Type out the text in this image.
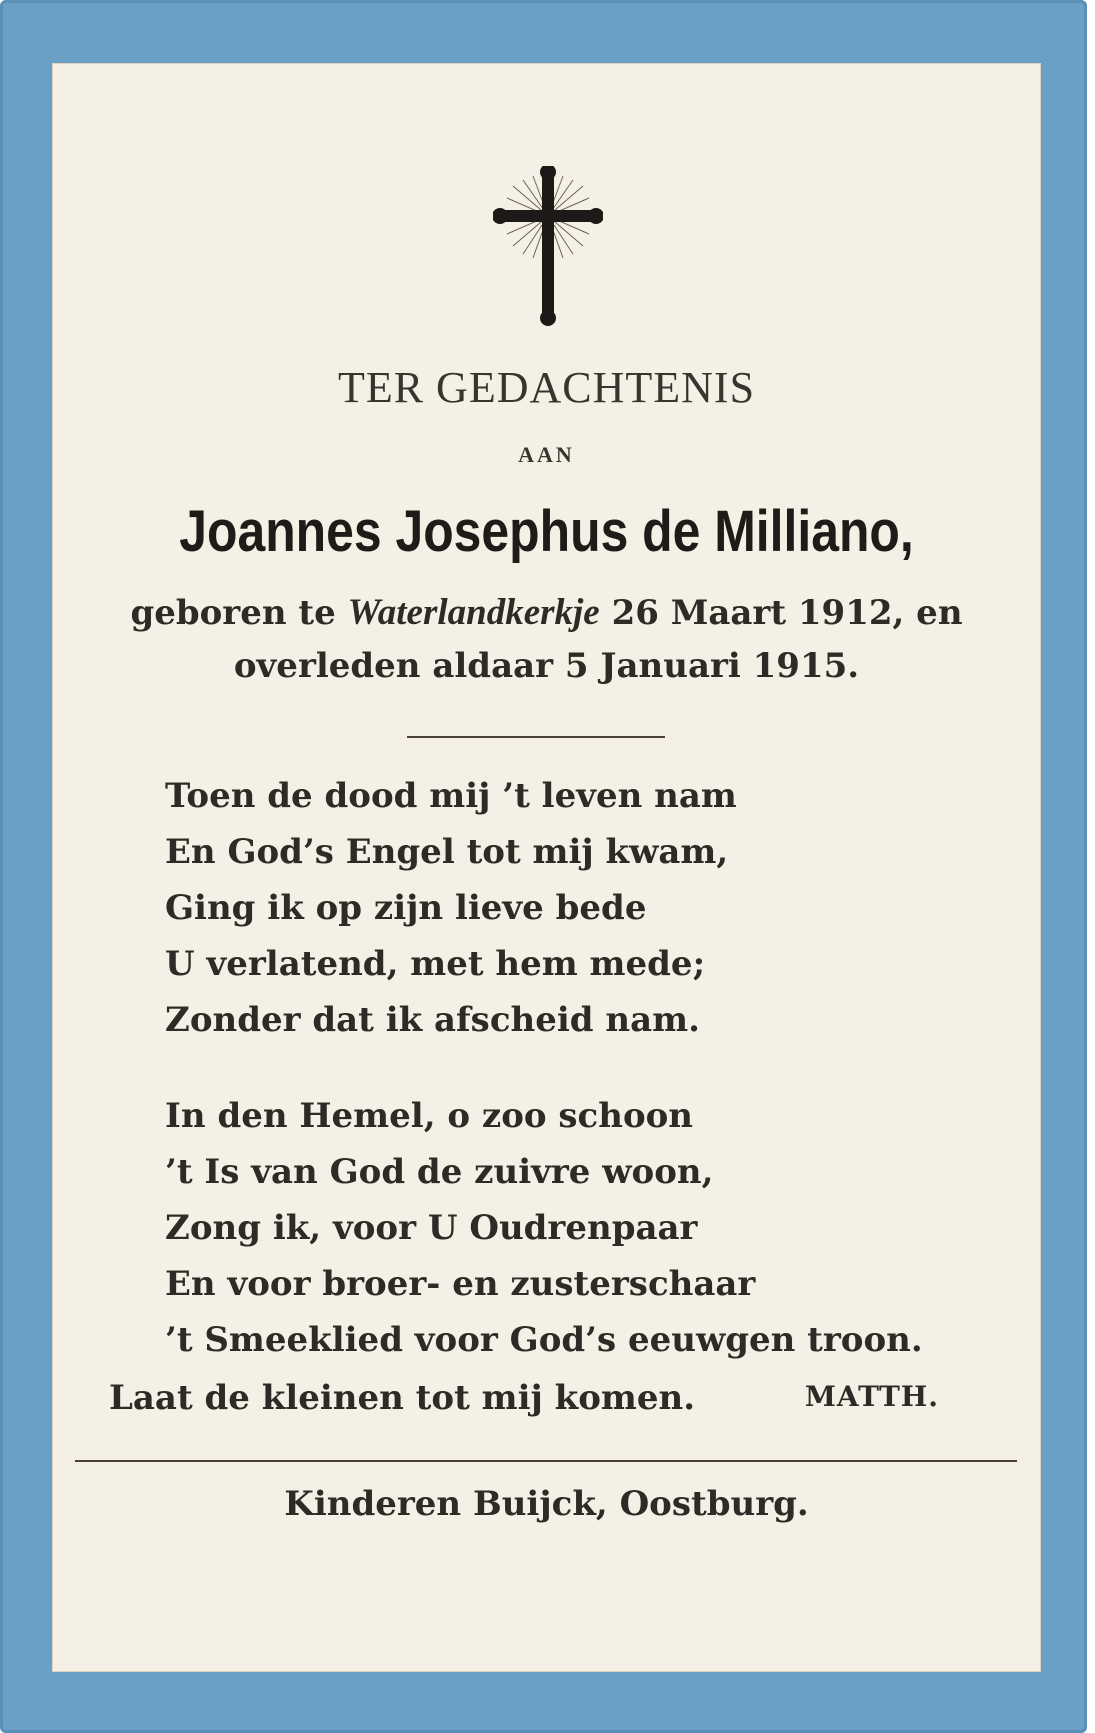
TER GEDACHTENIS
AAN
Joannes Josephus de Milliano,
geboren te Waterlandkerkje 26 Maart 1912, en
overleden aldaar 5 Januari 1915.
Toen de dood mij ’t leven nam
En God’s Engel tot mij kwam,
Ging ik op zijn lieve bede
U verlatend, met hem mede;
Zonder dat ik afscheid nam.
In den Hemel, o zoo schoon
’t Is van God de zuivre woon,
Zong ik, voor U Oudrenpaar
En voor broer- en zusterschaar
’t Smeeklied voor God’s eeuwgen troon.
Laat de kleinen tot mij komen.	MATTH.
Kinderen Buijck, Oostburg.
